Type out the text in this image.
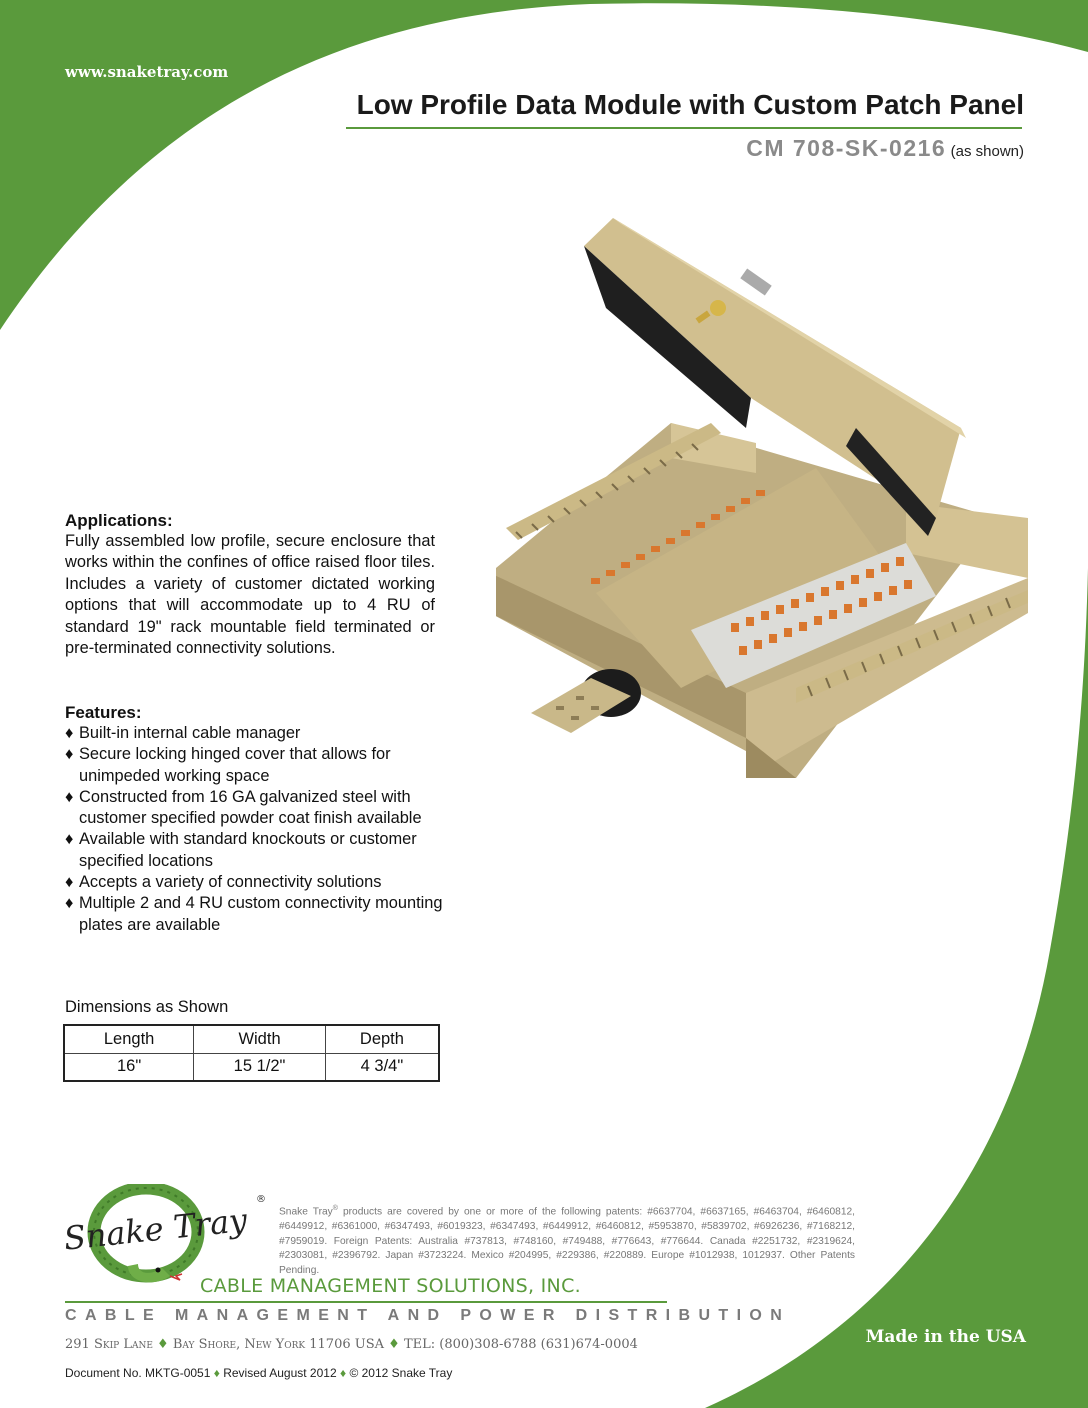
www.snaketray.com
Low Profile Data Module with Custom Patch Panel
CM 708-SK-0216 (as shown)
Applications:

Fully assembled low profile, secure enclosure that works within the confines of office raised floor tiles. Includes a variety of customer dictated working options that will accommodate up to 4 RU of standard 19" rack mountable field terminated or pre-terminated connectivity solutions.

Features:
♦ Built-in internal cable manager
♦ Secure locking hinged cover that allows for unimpeded working space
♦ Constructed from 16 GA galvanized steel with customer specified powder coat finish available
♦ Available with standard knockouts or customer specified locations
♦ Accepts a variety of connectivity solutions
♦ Multiple 2 and 4 RU custom connectivity mounting plates are available
Dimensions as Shown
Length	Width	Depth
16"	15 1/2"	4 3/4"
Snake Tray
®
Snake Tray® products are covered by one or more of the following patents: #6637704, #6637165, #6463704, #6460812, #6449912, #6361000, #6347493, #6019323, #6347493, #6449912, #6460812, #5953870, #5839702, #6926236, #7168212, #7959019. Foreign Patents: Australia #737813, #748160, #749488, #776643, #776644. Canada #2251732, #2319624, #2303081, #2396792. Japan #3723224. Mexico #204995, #229386, #220889. Europe #1012938, 1012937. Other Patents Pending.
CABLE MANAGEMENT SOLUTIONS, INC.
CABLE MANAGEMENT AND POWER DISTRIBUTION
291 Skip Lane ♦ Bay Shore, New York 11706 USA ♦ TEL: (800)308-6788 (631)674-0004
Document No. MKTG-0051 ♦ Revised August 2012 ♦ © 2012 Snake Tray
Made in the USA
